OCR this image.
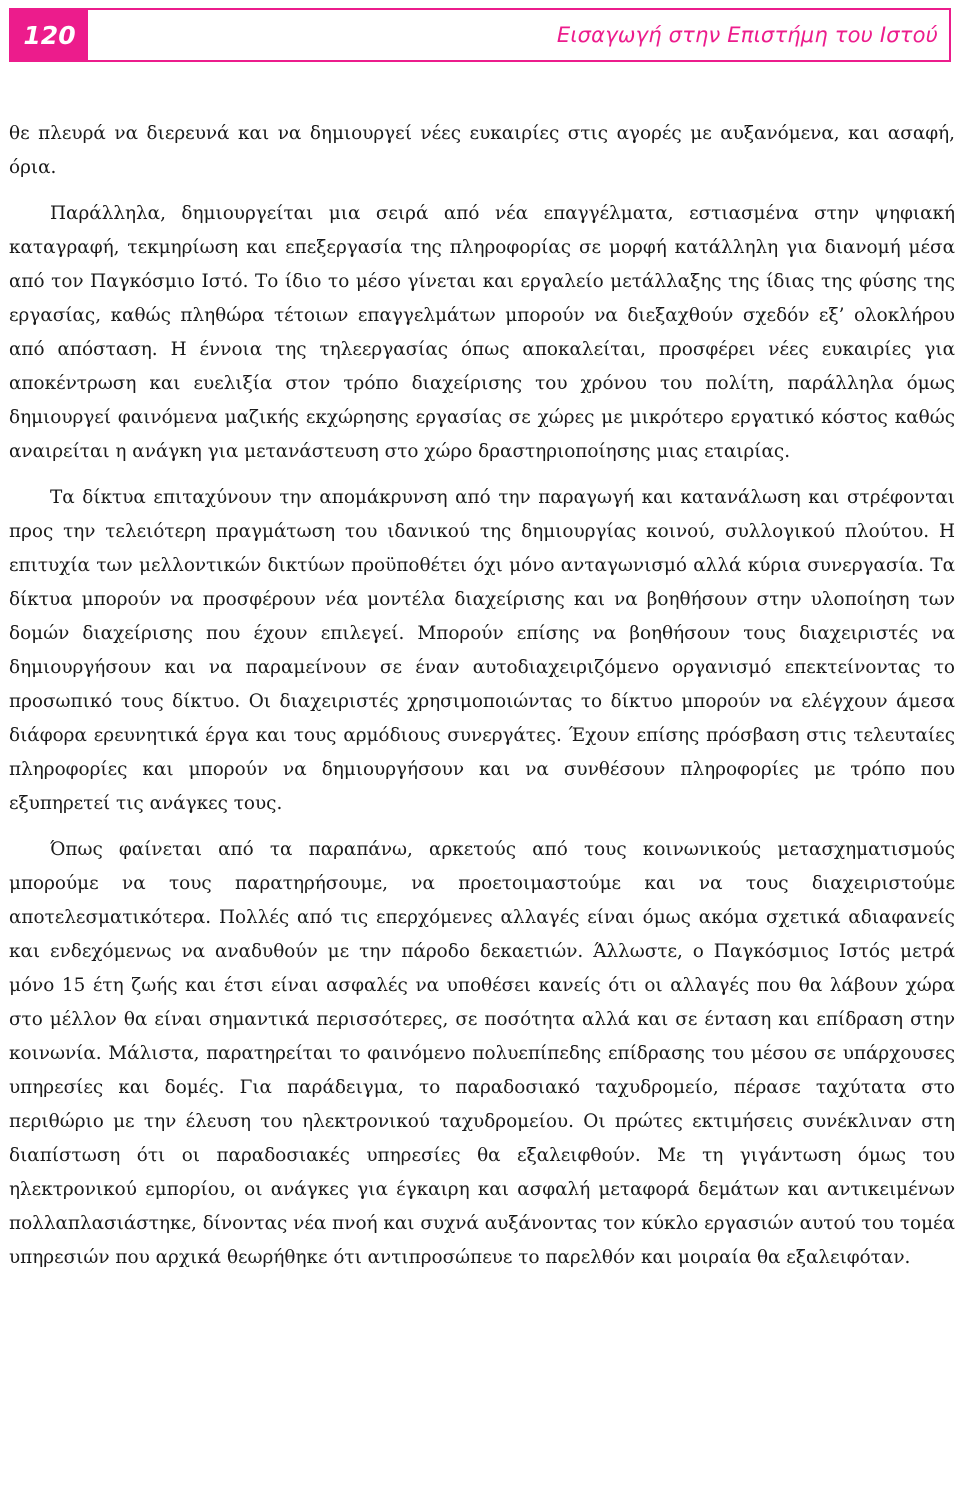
120	Εισαγωγή στην Επιστήμη του Ιστού

θε πλευρά να διερευνά και να δημιουργεί νέες ευκαιρίες στις αγορές με αυξανόμενα, και ασαφή, όρια.

Παράλληλα, δημιουργείται μια σειρά από νέα επαγγέλματα, εστιασμένα στην ψηφιακή καταγραφή, τεκμηρίωση και επεξεργασία της πληροφορίας σε μορφή κατάλληλη για διανομή μέσα από τον Παγκόσμιο Ιστό. Το ίδιο το μέσο γίνεται και εργαλείο μετάλλαξης της ίδιας της φύσης της εργασίας, καθώς πληθώρα τέτοιων επαγγελμάτων μπορούν να διεξαχθούν σχεδόν εξ’ ολοκλήρου από απόσταση. Η έννοια της τηλεεργασίας όπως αποκαλείται, προσφέρει νέες ευκαιρίες για αποκέντρωση και ευελιξία στον τρόπο διαχείρισης του χρόνου του πολίτη, παράλληλα όμως δημιουργεί φαινόμενα μαζικής εκχώρησης εργασίας σε χώρες με μικρότερο εργατικό κόστος καθώς αναιρείται η ανάγκη για μετανάστευση στο χώρο δραστηριοποίησης μιας εταιρίας.

Τα δίκτυα επιταχύνουν την απομάκρυνση από την παραγωγή και κατανάλωση και στρέφονται προς την τελειότερη πραγμάτωση του ιδανικού της δημιουργίας κοινού, συλλογικού πλούτου. Η επιτυχία των μελλοντικών δικτύων προϋποθέτει όχι μόνο ανταγωνισμό αλλά κύρια συνεργασία. Τα δίκτυα μπορούν να προσφέρουν νέα μοντέλα διαχείρισης και να βοηθήσουν στην υλοποίηση των δομών διαχείρισης που έχουν επιλεγεί. Μπορούν επίσης να βοηθήσουν τους διαχειριστές να δημιουργήσουν και να παραμείνουν σε έναν αυτοδιαχειριζόμενο οργανισμό επεκτείνοντας το προσωπικό τους δίκτυο. Οι διαχειριστές χρησιμοποιώντας το δίκτυο μπορούν να ελέγχουν άμεσα διάφορα ερευνητικά έργα και τους αρμόδιους συνεργάτες. Έχουν επίσης πρόσβαση στις τελευταίες πληροφορίες και μπορούν να δημιουργήσουν και να συνθέσουν πληροφορίες με τρόπο που εξυπηρετεί τις ανάγκες τους.

Όπως φαίνεται από τα παραπάνω, αρκετούς από τους κοινωνικούς μετασχηματισμούς μπορούμε να τους παρατηρήσουμε, να προετοιμαστούμε και να τους διαχειριστούμε αποτελεσματικότερα. Πολλές από τις επερχόμενες αλλαγές είναι όμως ακόμα σχετικά αδιαφανείς και ενδεχόμενως να αναδυθούν με την πάροδο δεκαετιών. Άλλωστε, ο Παγκόσμιος Ιστός μετρά μόνο 15 έτη ζωής και έτσι είναι ασφαλές να υποθέσει κανείς ότι οι αλλαγές που θα λάβουν χώρα στο μέλλον θα είναι σημαντικά περισσότερες, σε ποσότητα αλλά και σε ένταση και επίδραση στην κοινωνία. Μάλιστα, παρατηρείται το φαινόμενο πολυεπίπεδης επίδρασης του μέσου σε υπάρχουσες υπηρεσίες και δομές. Για παράδειγμα, το παραδοσιακό ταχυδρομείο, πέρασε ταχύτατα στο περιθώριο με την έλευση του ηλεκτρονικού ταχυδρομείου. Οι πρώτες εκτιμήσεις συνέκλιναν στη διαπίστωση ότι οι παραδοσιακές υπηρεσίες θα εξαλειφθούν. Με τη γιγάντωση όμως του ηλεκτρονικού εμπορίου, οι ανάγκες για έγκαιρη και ασφαλή μεταφορά δεμάτων και αντικειμένων πολλαπλασιάστηκε, δίνοντας νέα πνοή και συχνά αυξάνοντας τον κύκλο εργασιών αυτού του τομέα υπηρεσιών που αρχικά θεωρήθηκε ότι αντιπροσώπευε το παρελθόν και μοιραία θα εξαλειφόταν.
